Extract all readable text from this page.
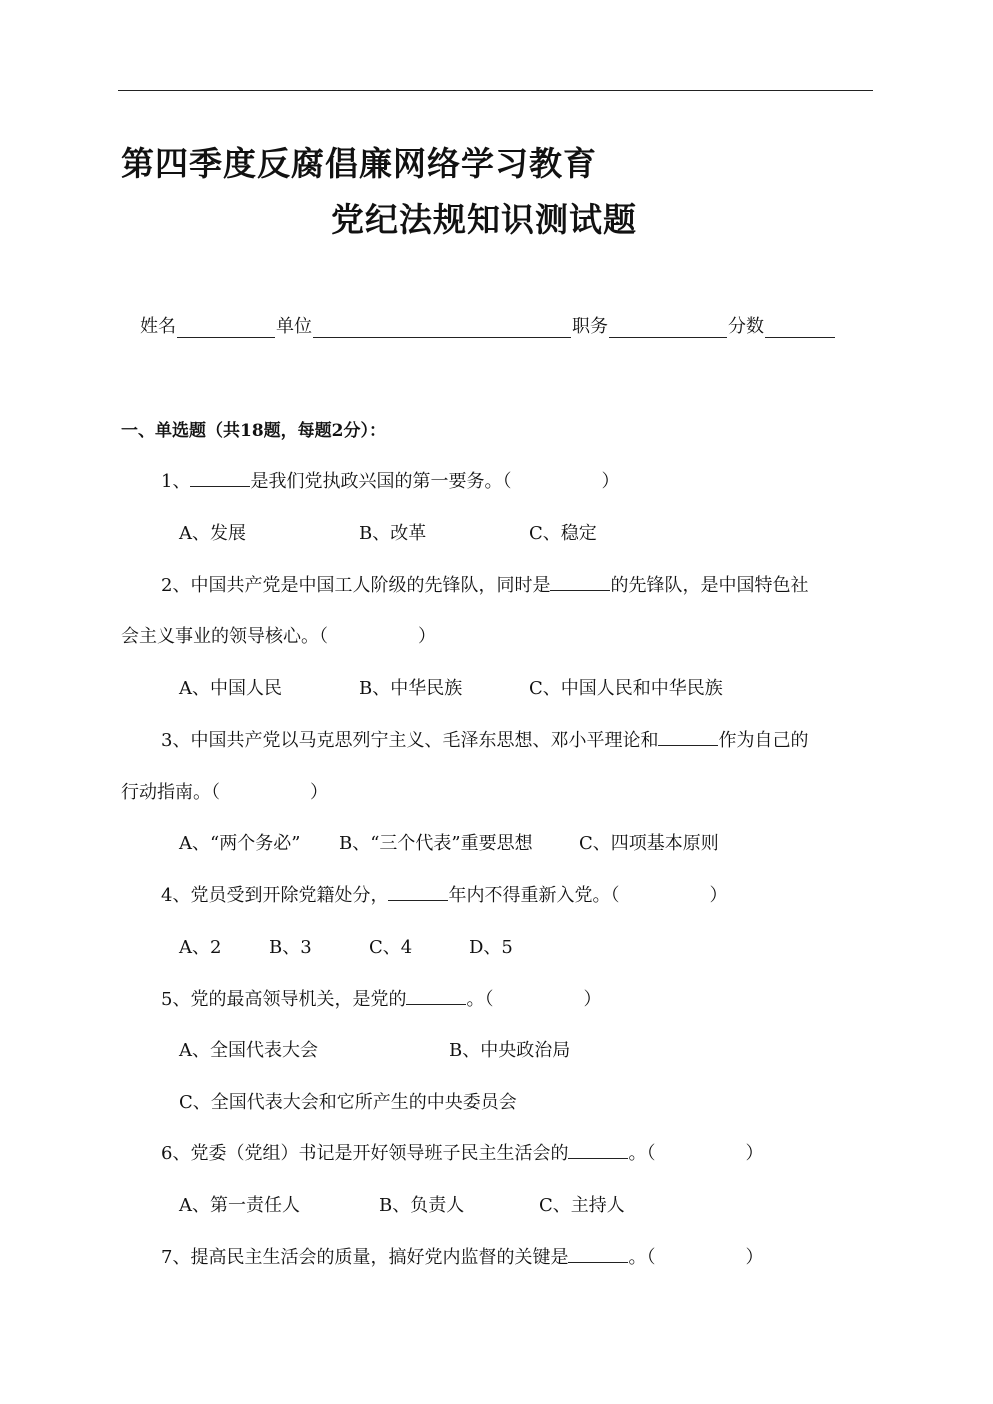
第四季度反腐倡廉网络学习教育
党纪法规知识测试题
姓名	单位	职务	分数
一、单选题（共18题，每题2分）：
1、	是我们党执政兴国的第一要务。（　　　　　）
A、发展	B、改革	C、稳定
2、中国共产党是中国工人阶级的先锋队，同时是	的先锋队，是中国特色社
会主义事业的领导核心。（　　　　　）
A、中国人民	B、中华民族	C、中国人民和中华民族
3、中国共产党以马克思列宁主义、毛泽东思想、邓小平理论和	作为自己的
行动指南。（　　　　　）
A、“两个务必” B、“三个代表”重要思想	C、四项基本原则
4、党员受到开除党籍处分，	年内不得重新入党。（　　　　　）
A、2	B、3	C、4	D、5
5、党的最高领导机关，是党的	。（　　　　　）
A、全国代表大会	B、中央政治局
C、全国代表大会和它所产生的中央委员会
6、党委（党组）书记是开好领导班子民主生活会的	。（　　　　　）
A、第一责任人	B、负责人	C、主持人
7、提高民主生活会的质量，搞好党内监督的关键是	。（　　　　　）
